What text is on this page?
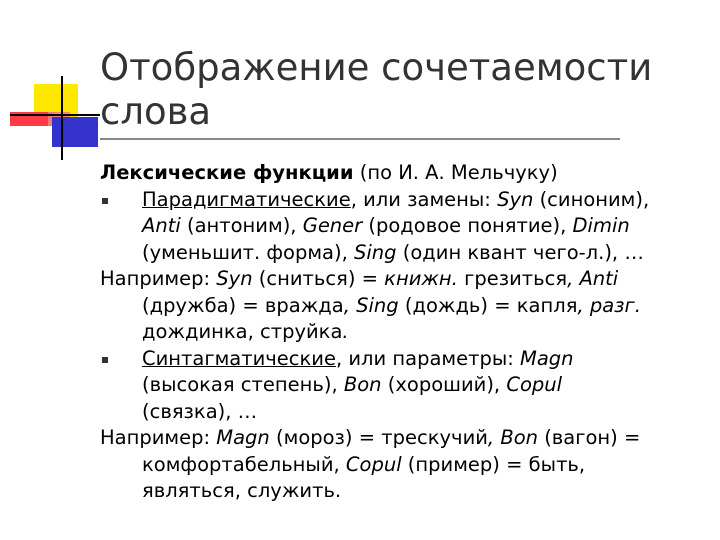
Отображение сочетаемости
слова
Лексические функции (по И. А. Мельчуку)
Парадигматические, или замены: Syn (синоним),
Anti (антоним), Gener (родовое понятие), Dimin
(уменьшит. форма), Sing (один квант чего-л.), …
Например: Syn (сниться) = книжн. грезиться, Anti
(дружба) = вражда, Sing (дождь) = капля, разг.
дождинка, струйка.
Синтагматические, или параметры: Magn
(высокая степень), Bon (хороший), Copul
(связка), …
Например: Magn (мороз) = трескучий, Bon (вагон) =
комфортабельный, Copul (пример) = быть,
являться, служить.
